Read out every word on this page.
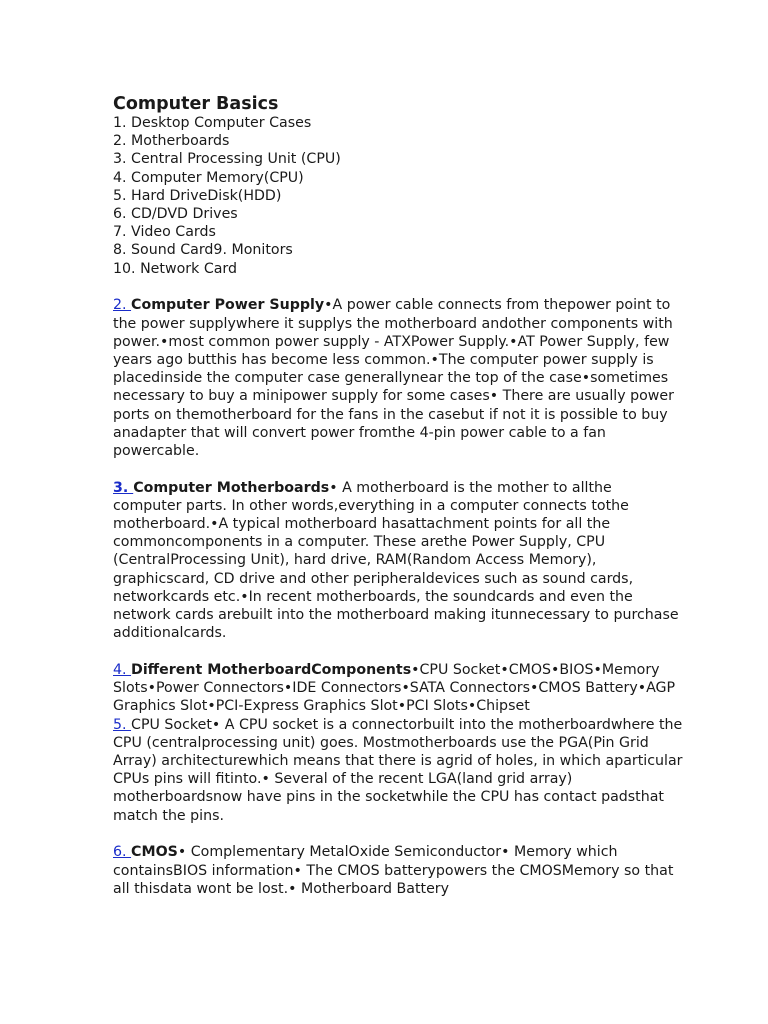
Computer Basics
1. Desktop Computer Cases
2. Motherboards
3. Central Processing Unit (CPU)
4. Computer Memory(CPU)
5. Hard DriveDisk(HDD)
6. CD/DVD Drives
7. Video Cards
8. Sound Card9. Monitors
10. Network Card
2. Computer Power Supply•A power cable connects from thepower point to the power supplywhere it supplys the motherboard andother components with power.•most common power supply - ATXPower Supply.•AT Power Supply, few years ago butthis has become less common.•The computer power supply is placedinside the computer case generallynear the top of the case•sometimes necessary to buy a minipower supply for some cases• There are usually power ports on themotherboard for the fans in the casebut if not it is possible to buy anadapter that will convert power fromthe 4-pin power cable to a fan powercable.
3. Computer Motherboards• A motherboard is the mother to allthe computer parts. In other words,everything in a computer connects tothe motherboard.•A typical motherboard hasattachment points for all the commoncomponents in a computer. These arethe Power Supply, CPU (CentralProcessing Unit), hard drive, RAM(Random Access Memory), graphicscard, CD drive and other peripheraldevices such as sound cards, networkcards etc.•In recent motherboards, the soundcards and even the network cards arebuilt into the motherboard making itunnecessary to purchase additionalcards.
4. Different MotherboardComponents•CPU Socket•CMOS•BIOS•Memory Slots•Power Connectors•IDE Connectors•SATA Connectors•CMOS Battery•AGP Graphics Slot•PCI-Express Graphics Slot•PCI Slots•Chipset
5. CPU Socket• A CPU socket is a connectorbuilt into the motherboardwhere the CPU (centralprocessing unit) goes. Mostmotherboards use the PGA(Pin Grid Array) architecturewhich means that there is agrid of holes, in which aparticular CPUs pins will fitinto.• Several of the recent LGA(land grid array) motherboardsnow have pins in the socketwhile the CPU has contact padsthat match the pins.
6. CMOS• Complementary MetalOxide Semiconductor• Memory which containsBIOS information• The CMOS batterypowers the CMOSMemory so that all thisdata wont be lost.• Motherboard Battery
